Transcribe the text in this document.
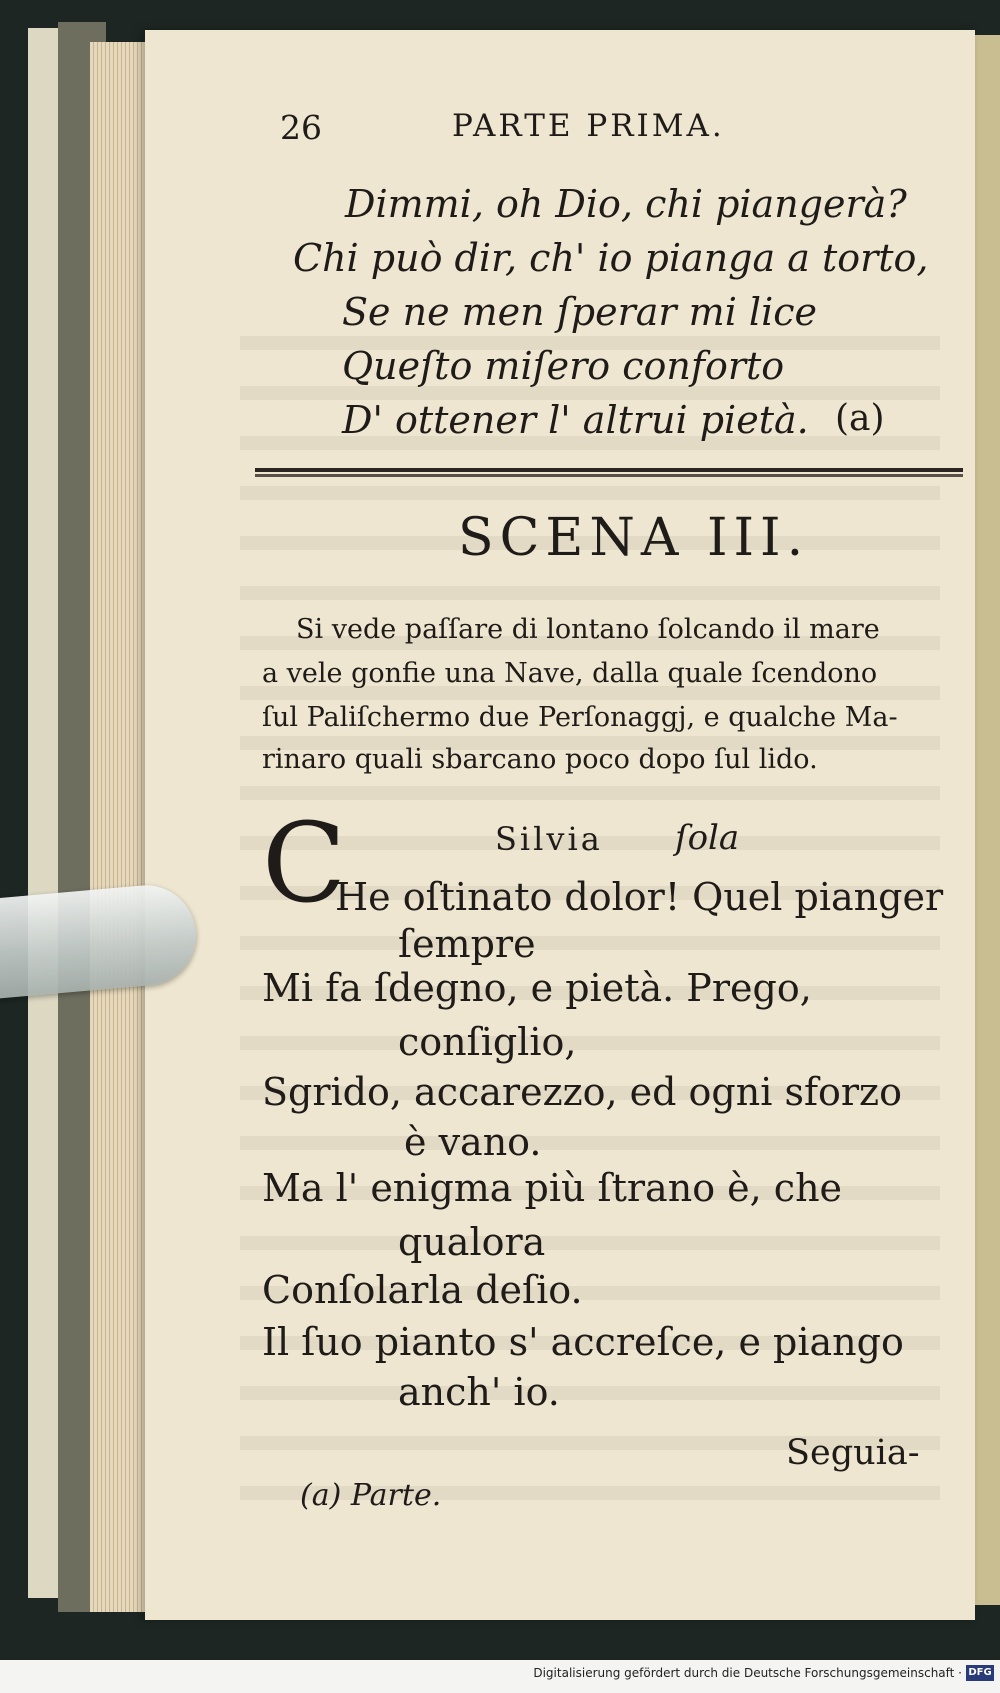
26	PARTE PRIMA.
Dimmi, oh Dio, chi piangerà?
Chi può dir, ch' io pianga a torto,
Se ne men ſperar mi lice
Queſto miſero conforto
D' ottener l' altrui pietà. (a)
SCENA III.
Si vede paſſare di lontano ſolcando il mare
a vele gonfie una Nave, dalla quale ſcendono
ſul Paliſchermo due Perſonaggj, e qualche Ma-
rinaro quali sbarcano poco dopo ſul lido.
C	Silvia ſola
He oſtinato dolor! Quel pianger
ſempre
Mi fa ſdegno, e pietà. Prego,
conſiglio,
Sgrido, accarezzo, ed ogni sforzo
è vano.
Ma l' enigma più ſtrano è, che
qualora
Conſolarla deſio.
Il ſuo pianto s' accreſce, e piango
anch' io.
Seguia-
(a) Parte.
Digitalisierung gefördert durch die Deutsche Forschungsgemeinschaft · DFG
